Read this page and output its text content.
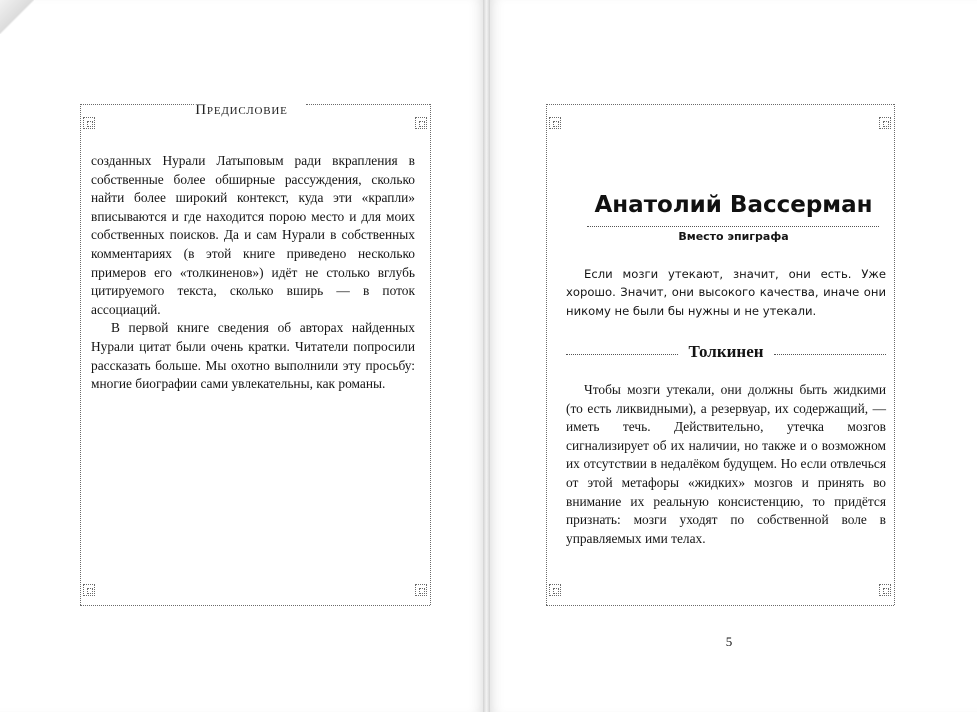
Предисловие

созданных Нурали Латыповым ради вкрапления в собственные более обширные рассуждения, сколько найти более широкий контекст, куда эти «крапли» вписываются и где находится порою место и для моих собственных поисков. Да и сам Нурали в собственных комментариях (в этой книге приведено несколько примеров его «толкиненов») идёт не столько вглубь цитируемого текста, сколько вширь — в поток ассоциаций.

В первой книге сведения об авторах найденных Нурали цитат были очень кратки. Читатели попросили рассказать больше. Мы охотно выполнили эту просьбу: многие биографии сами увлекательны, как романы.

Анатолий Вассерман
Вместо эпиграфа

Если мозги утекают, значит, они есть. Уже хорошо. Значит, они высокого качества, иначе они никому не были бы нужны и не утекали.

Толкинен

Чтобы мозги утекали, они должны быть жидкими (то есть ликвидными), а резервуар, их содержащий, — иметь течь. Действительно, утечка мозгов сигнализирует об их наличии, но также и о возможном их отсутствии в недалёком будущем. Но если отвлечься от этой метафоры «жидких» мозгов и принять во внимание их реальную консистенцию, то придётся признать: мозги уходят по собственной воле в управляемых ими телах.

5
